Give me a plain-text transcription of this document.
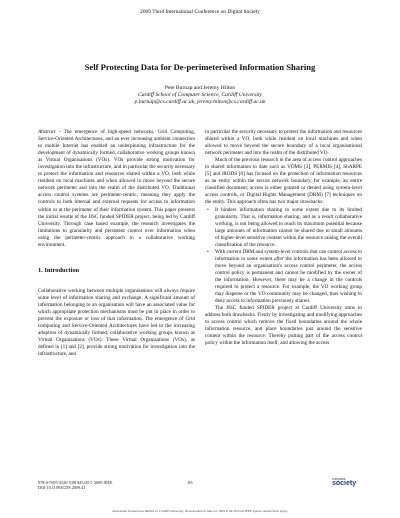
2009 Third International Conference on Digital Society
Self Protecting Data for De-perimeterised Information Sharing
Pete Burnap and Jeremy Hilton
Cardiff School of Computer Science, Cardiff University
p.burnap@cs.cardiff.ac.uk, jeremy.hilton@cs.cardiff.ac.uk

Abstract - The emergence of high-speed networks, Grid Computing, Service-Oriented Architectures, and an ever increasing ambient connection to mobile Internet has enabled an underpinning infrastructure for the development of dynamically formed, collaborative working groups known as Virtual Organisations (VOs). VOs provide strong motivation for investigation into the infrastructure, and in particular the security necessary to protect the information and resources shared within a VO, both while resident on local machines and when allowed to move beyond the secure network perimeter and into the realm of the distributed VO. Traditional access control systems are perimeter-centric, meaning they apply the controls to both internal and external requests for access to information within or at the perimeter of their information system. This paper presents the initial results of the JISC funded SPIDER project, being led by Cardiff University. Through case based example, the research investigates the limitations to granularity and persistent control over information when using the perimeter-centric approach in a collaborative working environment.

1. Introduction

Collaborative working between multiple organisations will always require some level of information sharing and exchange. A significant amount of information belonging to an organisation will have an associated value for which appropriate protection mechanisms must be put in place in order to prevent the exposure or loss of that information. The emergence of Grid computing and Service-Oriented Architectures have led to the increasing adoption of dynamically formed, collaborative working groups known as Virtual Organisations (VOs). These Virtual Organisations (VOs), as defined in [1] and [2], provide strong motivation for investigation into the infrastructure, and

in particular the security necessary to protect the information and resources shared within a VO, both while resident on local machines and when allowed to move beyond the secure boundary of a local organisational network perimeter and into the realm of the distributed VO.

Much of the previous research in the area of access control approaches to shared information to date such as VOMS [3], PERMIS [4], ShARPE [5] and iRODS [6] has focused on the protection of information resources as an entity within the secure network boundary, for example, an entire classified document; access is either granted or denied using system-level access controls, or Digital Rights Management (DRM) [7] techniques on the entity. This approach often has two major drawbacks:

• It hinders information sharing to some extent due to its limited granularity. That is, information sharing, and as a result collaborative working, is not being allowed to reach its maximum potential because large amounts of information cannot be shared due to small amounts of higher-level sensitive content within the resource raising the overall classification of the resource.
• With current DRM and system-level controls that can control access to information to some extent after the information has been allowed to move beyond an organisation's access control perimeter, the access control policy is permanent and cannot be modified by the owner of the information. However, there may be a change in the controls required to protect a resource. For example, the VO working group may disperse or the VO community may be changed, thus wishing to deny access to information previously shared.

The JISC funded SPIDER project at Cardiff University aims to address both drawbacks. Firstly by investigating and modifying approaches to access control which remove the fixed boundaries around the whole information resource, and place boundaries just around the sensitive content within the resource. Thereby putting part of the access control policy within the information itself, and allowing the access

978-0-7695-3526-5/09 $25.00 © 2009 IEEE
DOI 10.1109/ICDS.2009.41
65
computer
society
Authorized licensed use limited to: Cardiff University. Downloaded on June 22, 2009 at 04:39 from IEEE Xplore. Restrictions apply.
